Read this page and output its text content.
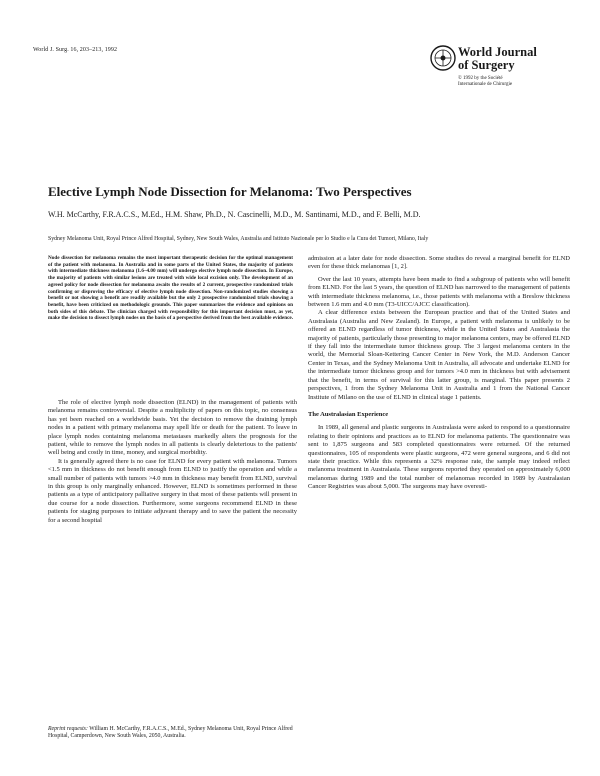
World J. Surg. 16, 203–213, 1992	World Journal
of Surgery
© 1992 by the Société
Internationale de Chirurgie
Elective Lymph Node Dissection for Melanoma: Two Perspectives
W.H. McCarthy, F.R.A.C.S., M.Ed., H.M. Shaw, Ph.D., N. Cascinelli, M.D., M. Santinami, M.D., and F. Belli, M.D.
Sydney Melanoma Unit, Royal Prince Alfred Hospital, Sydney, New South Wales, Australia and Istituto Nazionale per lo Studio e la Cura dei Tumori, Milano, Italy
Node dissection for melanoma remains the most important therapeutic decision for the optimal management of the patient with melanoma. In Australia and in some parts of the United States, the majority of patients with intermediate thickness melanoma (1.6–4.00 mm) will undergo elective lymph node dissection. In Europe, the majority of patients with similar lesions are treated with wide local excision only. The development of an agreed policy for node dissection for melanoma awaits the results of 2 current, prospective randomized trials confirming or disproving the efficacy of elective lymph node dissection. Non-randomized studies showing a benefit or not showing a benefit are readily available but the only 2 prospective randomized trials showing a benefit, have been criticized on methodologic grounds. This paper summarizes the evidence and opinions on both sides of this debate. The clinician charged with responsibility for this important decision must, as yet, make the decision to dissect lymph nodes on the basis of a perspective derived from the best available evidence.

The role of elective lymph node dissection (ELND) in the management of patients with melanoma remains controversial. Despite a multiplicity of papers on this topic, no consensus has yet been reached on a worldwide basis. Yet the decision to remove the draining lymph nodes in a patient with primary melanoma may spell life or death for the patient. To leave in place lymph nodes containing melanoma metastases markedly alters the prognosis for the patient, while to remove the lymph nodes in all patients is clearly deleterious to the patients' well being and costly in time, money, and surgical morbidity.

It is generally agreed there is no case for ELND for every patient with melanoma. Tumors <1.5 mm in thickness do not benefit enough from ELND to justify the operation and while a small number of patients with tumors >4.0 mm in thickness may benefit from ELND, survival in this group is only marginally enhanced. However, ELND is sometimes performed in these patients as a type of anticipatory palliative surgery in that most of these patients will present in due course for a node dissection. Furthermore, some surgeons recommend ELND in these patients for staging purposes to initiate adjuvant therapy and to save the patient the necessity for a second hospital

admission at a later date for node dissection. Some studies do reveal a marginal benefit for ELND even for these thick melanomas [1, 2].

Over the last 10 years, attempts have been made to find a subgroup of patients who will benefit from ELND. For the last 5 years, the question of ELND has narrowed to the management of patients with intermediate thickness melanoma, i.e., those patients with melanoma with a Breslow thickness between 1.6 mm and 4.0 mm (T3-UICC/AJCC classification).

A clear difference exists between the European practice and that of the United States and Australasia (Australia and New Zealand). In Europe, a patient with melanoma is unlikely to be offered an ELND regardless of tumor thickness, while in the United States and Australasia the majority of patients, particularly those presenting to major melanoma centers, may be offered ELND if they fall into the intermediate tumor thickness group. The 3 largest melanoma centers in the world, the Memorial Sloan-Kettering Cancer Center in New York, the M.D. Anderson Cancer Center in Texas, and the Sydney Melanoma Unit in Australia, all advocate and undertake ELND for the intermediate tumor thickness group and for tumors >4.0 mm in thickness but with advisement that the benefit, in terms of survival for this latter group, is marginal. This paper presents 2 perspectives, 1 from the Sydney Melanoma Unit in Australia and 1 from the National Cancer Institute of Milano on the use of ELND in clinical stage 1 patients.

The Australasian Experience

In 1989, all general and plastic surgeons in Australasia were asked to respond to a questionnaire relating to their opinions and practices as to ELND for melanoma patients. The questionnaire was sent to 1,875 surgeons and 583 completed questionnaires were returned. Of the returned questionnaires, 105 of respondents were plastic surgeons, 472 were general surgeons, and 6 did not state their practice. While this represents a 32% response rate, the sample may indeed reflect melanoma treatment in Australasia. These surgeons reported they operated on approximately 6,000 melanomas during 1989 and the total number of melanomas recorded in 1989 by Australasian Cancer Registries was about 5,000. The surgeons may have overesti-

Reprint requests: William H. McCarthy, F.R.A.C.S., M.Ed., Sydney Melanoma Unit, Royal Prince Alfred Hospital, Camperdown, New South Wales, 2050, Australia.
